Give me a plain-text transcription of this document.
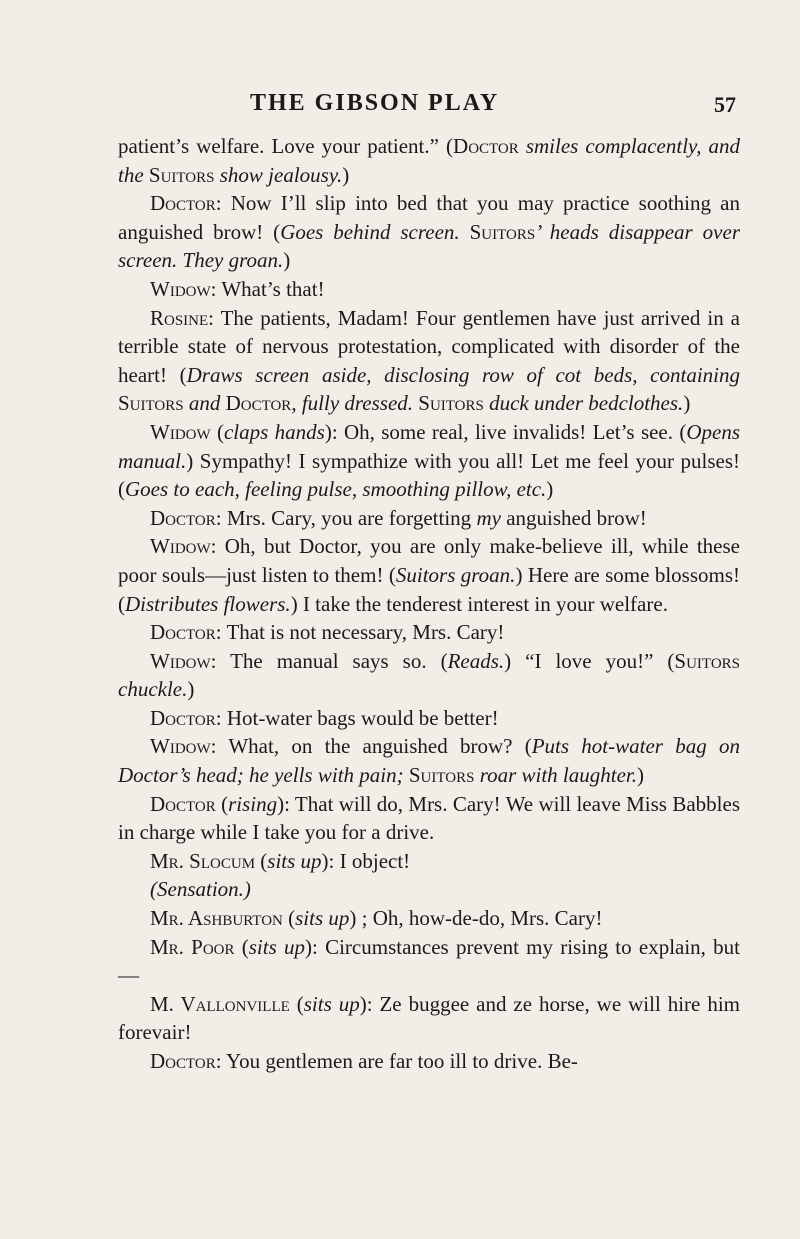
THE GIBSON PLAY	57

patient’s welfare. Love your patient.” (Doctor smiles complacently, and the Suitors show jealousy.)

Doctor: Now I’ll slip into bed that you may practice soothing an anguished brow! (Goes behind screen. Suitors’ heads disappear over screen. They groan.)

Widow: What’s that!

Rosine: The patients, Madam! Four gentlemen have just arrived in a terrible state of nervous protestation, complicated with disorder of the heart! (Draws screen aside, disclosing row of cot beds, containing Suitors and Doctor, fully dressed. Suitors duck under bedclothes.)

Widow (claps hands): Oh, some real, live invalids! Let’s see. (Opens manual.) Sympathy! I sympathize with you all! Let me feel your pulses! (Goes to each, feeling pulse, smoothing pillow, etc.)

Doctor: Mrs. Cary, you are forgetting my anguished brow!

Widow: Oh, but Doctor, you are only make-believe ill, while these poor souls—just listen to them! (Suitors groan.) Here are some blossoms! (Distributes flowers.) I take the tenderest interest in your welfare.

Doctor: That is not necessary, Mrs. Cary!

Widow: The manual says so. (Reads.) “I love you!” (Suitors chuckle.)

Doctor: Hot-water bags would be better!

Widow: What, on the anguished brow? (Puts hot-water bag on Doctor’s head; he yells with pain; Suitors roar with laughter.)

Doctor (rising): That will do, Mrs. Cary! We will leave Miss Babbles in charge while I take you for a drive.

Mr. Slocum (sits up): I object!

(Sensation.)

Mr. Ashburton (sits up) ; Oh, how-de-do, Mrs. Cary!

Mr. Poor (sits up): Circumstances prevent my rising to explain, but—

M. Vallonville (sits up): Ze buggee and ze horse, we will hire him forevair!

Doctor: You gentlemen are far too ill to drive. Be-
